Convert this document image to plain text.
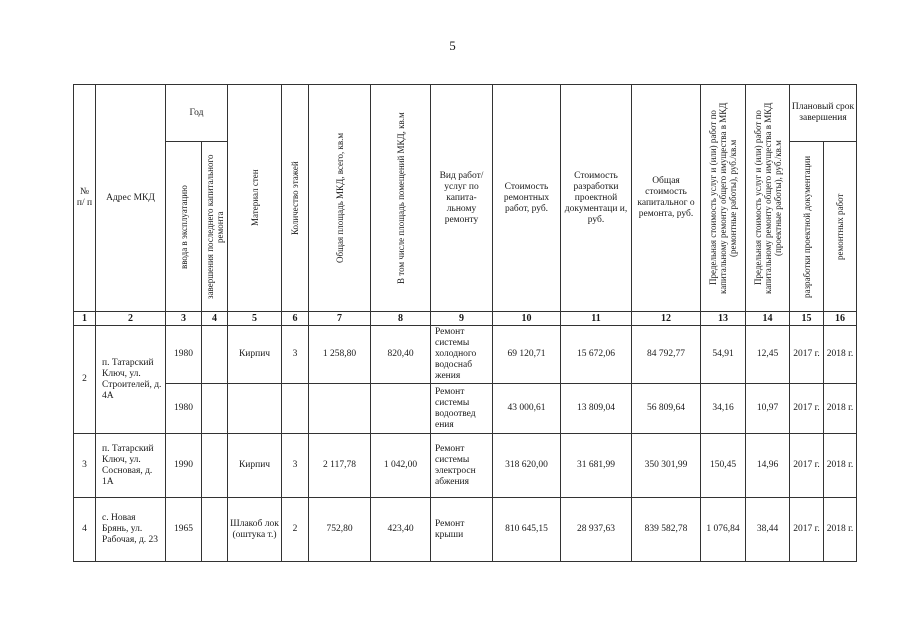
5
№ п/ п	Адрес МКД	Год		Материал стен	Количество этажей	Общая площадь МКД, всего, кв.м	В том числе площадь помещений МКД, кв.м	Вид работ/ услуг по капита- льному ремонту	Стоимость ремонтных работ, руб.	Стоимость разработки проектной документаци и, руб.	Общая стоимость капитальног о ремонта, руб.	Предельная стоимость услуг и (или) работ по капитальному ремонту общего имущества в МКД (ремонтные работы), руб./кв.м	Предельная стоимость услуг и (или) работ по капитальному ремонту общего имущества в МКД (проектные работы), руб./кв.м	Плановый срок завершения	

		ввода в эксплуатацию	завершения последнего капитального ремонта											разработки проектной документации	ремонтных работ

1	2	3	4	5	6	7	8	9	10	11	12	13	14	15	16
2	п. Татарский Ключ, ул. Строителей, д. 4А	1980		Кирпич	3	1 258,80	820,40	Ремонт системы холодного водоснаб жения	69 120,71	15 672,06	84 792,77	54,91	12,45	2017 г.	2018 г.
		1980						Ремонт системы водоотвед ения	43 000,61	13 809,04	56 809,64	34,16	10,97	2017 г.	2018 г.
3	п. Татарский Ключ, ул. Сосновая, д. 1А	1990		Кирпич	3	2 117,78	1 042,00	Ремонт системы электросн абжения	318 620,00	31 681,99	350 301,99	150,45	14,96	2017 г.	2018 г.
4	с. Новая Брянь, ул. Рабочая, д. 23	1965		Шлакоб лок (оштука т.)	2	752,80	423,40	Ремонт крыши	810 645,15	28 937,63	839 582,78	1 076,84	38,44	2017 г.	2018 г.
